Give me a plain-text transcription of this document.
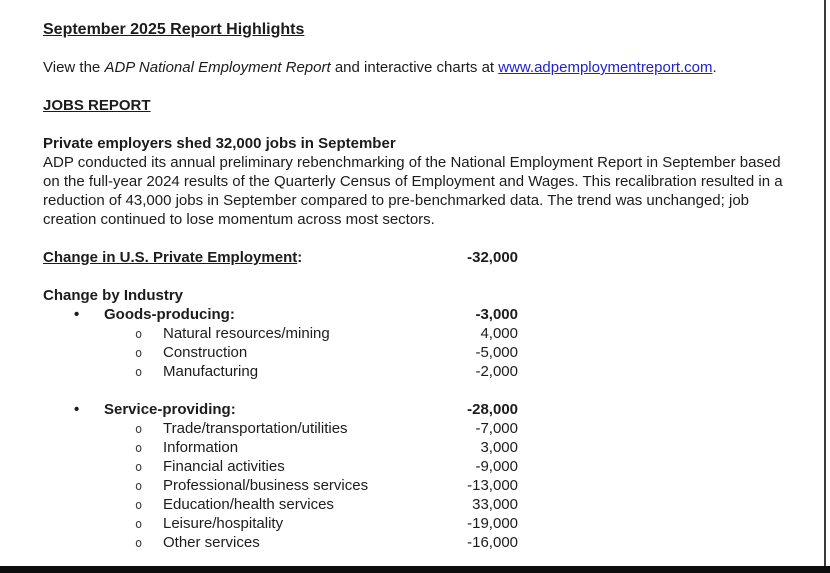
September 2025 Report Highlights
View the ADP National Employment Report and interactive charts at www.adpemploymentreport.com.
JOBS REPORT
Private employers shed 32,000 jobs in September
ADP conducted its annual preliminary rebenchmarking of the National Employment Report in September based on the full-year 2024 results of the Quarterly Census of Employment and Wages. This recalibration resulted in a reduction of 43,000 jobs in September compared to pre-benchmarked data. The trend was unchanged; job creation continued to lose momentum across most sectors.
Change in U.S. Private Employment:	-32,000
Change by Industry
• Goods-producing:	-3,000
o Natural resources/mining	4,000
o Construction	-5,000
o Manufacturing	-2,000
• Service-providing:	-28,000
o Trade/transportation/utilities	-7,000
o Information	3,000
o Financial activities	-9,000
o Professional/business services	-13,000
o Education/health services	33,000
o Leisure/hospitality	-19,000
o Other services	-16,000
